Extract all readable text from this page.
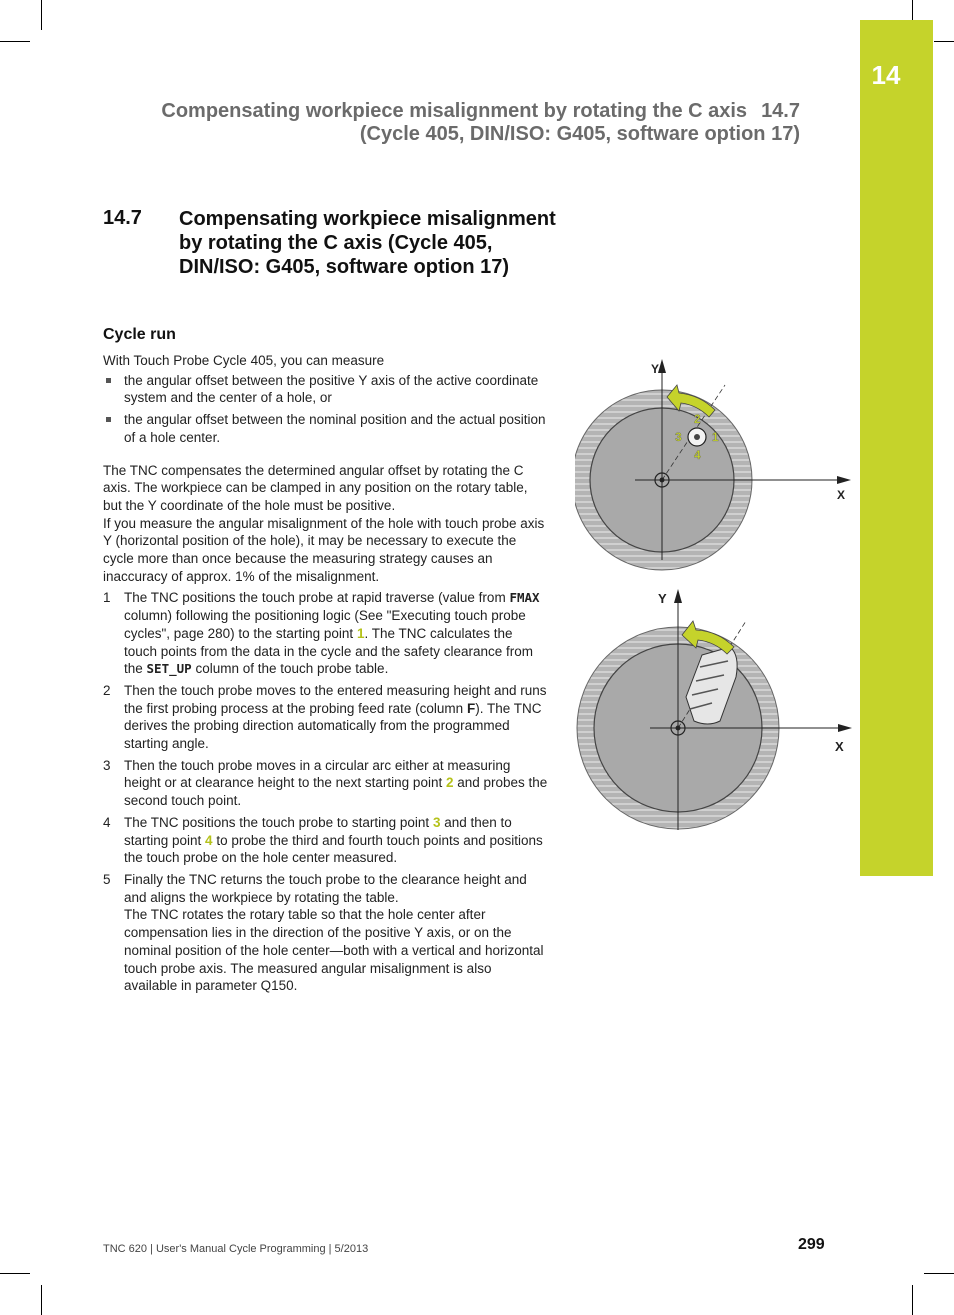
14
Compensating workpiece misalignment by rotating the C axis 14.7
(Cycle 405, DIN/ISO: G405, software option 17)
14.7 Compensating workpiece misalignment by rotating the C axis (Cycle 405, DIN/ISO: G405, software option 17)
Cycle run

With Touch Probe Cycle 405, you can measure

the angular offset between the positive Y axis of the active coordinate system and the center of a hole, or
the angular offset between the nominal position and the actual position of a hole center.

The TNC compensates the determined angular offset by rotating the C axis. The workpiece can be clamped in any position on the rotary table, but the Y coordinate of the hole must be positive.

If you measure the angular misalignment of the hole with touch probe axis Y (horizontal position of the hole), it may be necessary to execute the cycle more than once because the measuring strategy causes an inaccuracy of approx. 1% of the misalignment.

1 The TNC positions the touch probe at rapid traverse (value from FMAX column) following the positioning logic (See "Executing touch probe cycles", page 280) to the starting point 1. The TNC calculates the touch points from the data in the cycle and the safety clearance from the SET_UP column of the touch probe table.
2 Then the touch probe moves to the entered measuring height and runs the first probing process at the probing feed rate (column F). The TNC derives the probing direction automatically from the programmed starting angle.
3 Then the touch probe moves in a circular arc either at measuring height or at clearance height to the next starting point 2 and probes the second touch point.
4 The TNC positions the touch probe to starting point 3 and then to starting point 4 to probe the third and fourth touch points and positions the touch probe on the hole center measured.
5 Finally the TNC returns the touch probe to the clearance height and and aligns the workpiece by rotating the table.
The TNC rotates the rotary table so that the hole center after compensation lies in the direction of the positive Y axis, or on the nominal position of the hole center—both with a vertical and horizontal touch probe axis. The measured angular misalignment is also available in parameter Q150.
Y
X
2
3	1
4
Y
X
TNC 620 | User's Manual Cycle Programming | 5/2013	299
